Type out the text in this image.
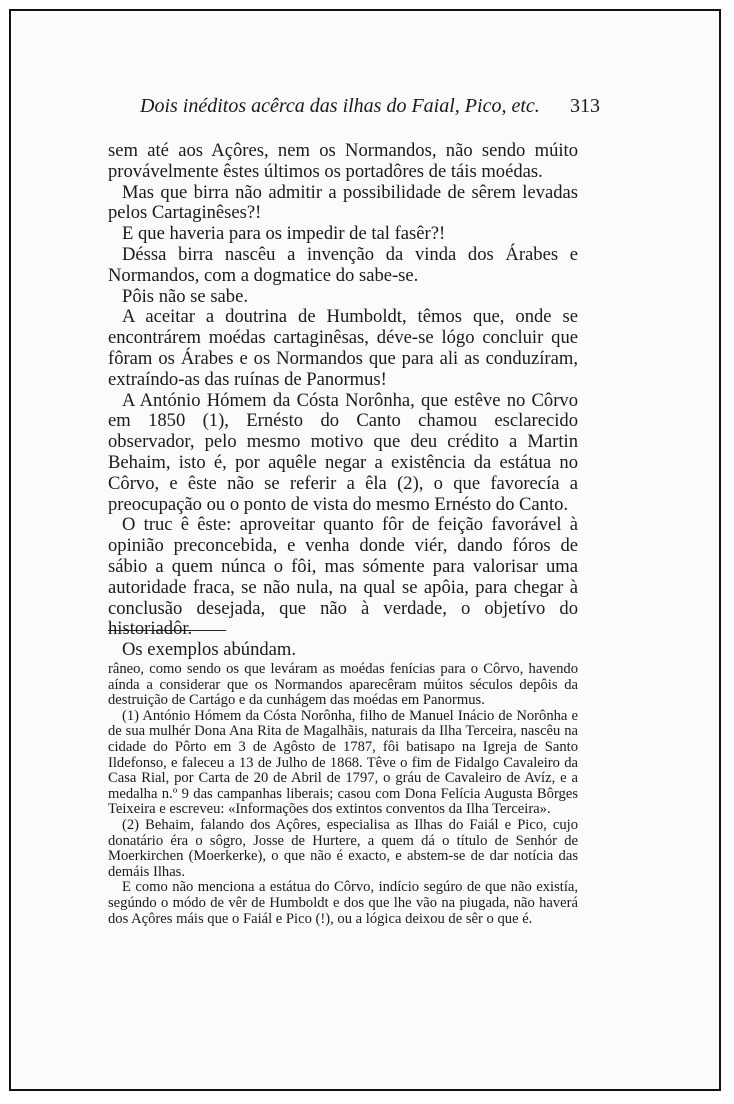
Dois inéditos acêrca das ilhas do Faial, Pico, etc. 313

sem até aos Açôres, nem os Normandos, não sendo múito provávelmente êstes últimos os portadôres de táis moédas.

Mas que birra não admitir a possibilidade de sêrem levadas pelos Cartaginêses?!

E que haveria para os impedir de tal fasêr?!

Déssa birra nascêu a invenção da vinda dos Árabes e Normandos, com a dogmatice do sabe-se.

Pôis não se sabe.

A aceitar a doutrina de Humboldt, têmos que, onde se encontrárem moédas cartaginêsas, déve-se lógo concluir que fôram os Árabes e os Normandos que para ali as conduzíram, extraíndo-as das ruínas de Panormus!

A António Hómem da Cósta Norônha, que estêve no Côrvo em 1850 (1), Ernésto do Canto chamou esclarecido observador, pelo mesmo motivo que deu crédito a Martin Behaim, isto é, por aquêle negar a existência da estátua no Côrvo, e êste não se referir a êla (2), o que favorecía a preocupação ou o ponto de vista do mesmo Ernésto do Canto.

O truc ê êste: aproveitar quanto fôr de feição favorável à opinião preconcebida, e venha donde viér, dando fóros de sábio a quem núnca o fôi, mas sómente para valorisar uma autoridade fraca, se não nula, na qual se apôia, para chegar à conclusão desejada, que não à verdade, o objetívo do historiadôr.

Os exemplos abúndam.

râneo, como sendo os que leváram as moédas fenícias para o Côrvo, havendo aínda a considerar que os Normandos aparecêram múitos séculos depôis da destruição de Cartágo e da cunhágem das moédas em Panormus.

(1) António Hómem da Cósta Norônha, filho de Manuel Inácio de Norônha e de sua mulhér Dona Ana Rita de Magalhãis, naturais da Ilha Terceira, nascêu na cidade do Pôrto em 3 de Agôsto de 1787, fôi batisapo na Igreja de Santo Ildefonso, e faleceu a 13 de Julho de 1868. Têve o fim de Fidalgo Cavaleiro da Casa Rial, por Carta de 20 de Abril de 1797, o gráu de Cavaleiro de Avíz, e a medalha n.º 9 das campanhas liberais; casou com Dona Felícia Augusta Bôrges Teixeira e escreveu: «Informações dos extintos conventos da Ilha Terceira».

(2) Behaim, falando dos Açôres, especialisa as Ilhas do Faiál e Pico, cujo donatário éra o sôgro, Josse de Hurtere, a quem dá o título de Senhór de Moerkirchen (Moerkerke), o que não é exacto, e abstem-se de dar notícia das demáis Ilhas.

E como não menciona a estátua do Côrvo, indício segúro de que não existía, segúndo o módo de vêr de Humboldt e dos que lhe vão na piugada, não haverá dos Açôres máis que o Faiál e Pico (!), ou a lógica deixou de sêr o que é.
